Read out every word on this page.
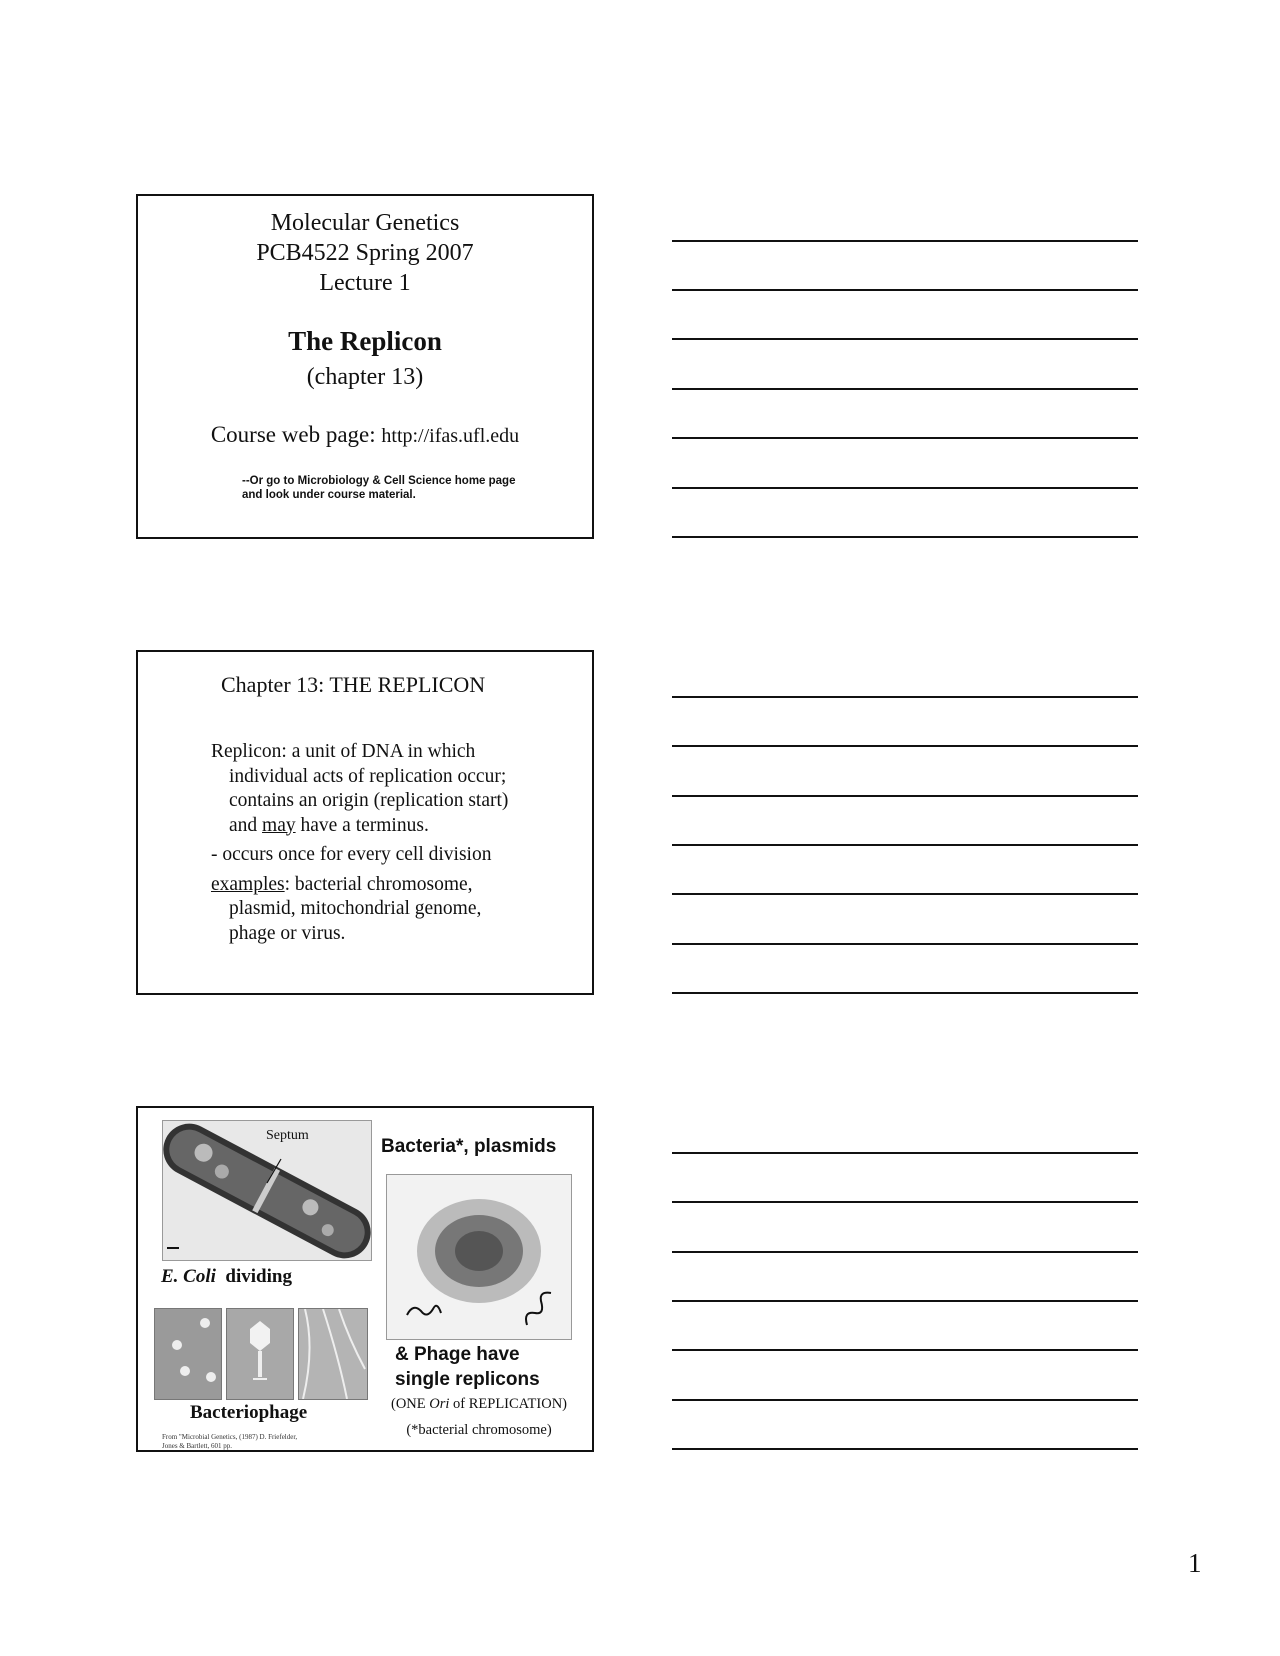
Molecular Genetics
PCB4522 Spring 2007
Lecture 1
The Replicon
(chapter 13)
Course web page: http://ifas.ufl.edu
--Or go to Microbiology & Cell Science home page
and look under course material.
Chapter 13: THE REPLICON
Replicon: a unit of DNA in which
individual acts of replication occur;
contains an origin (replication start)
and may have a terminus.
- occurs once for every cell division
examples: bacterial chromosome,
plasmid, mitochondrial genome,
phage or virus.
Septum
E. Coli  dividing
Bacteria*, plasmids
& Phage have
single replicons
(ONE Ori of REPLICATION)
(*bacterial chromosome)
Bacteriophage
From "Microbial Genetics, (1987) D. Friefelder,
Jones & Bartlett, 601 pp.
1
